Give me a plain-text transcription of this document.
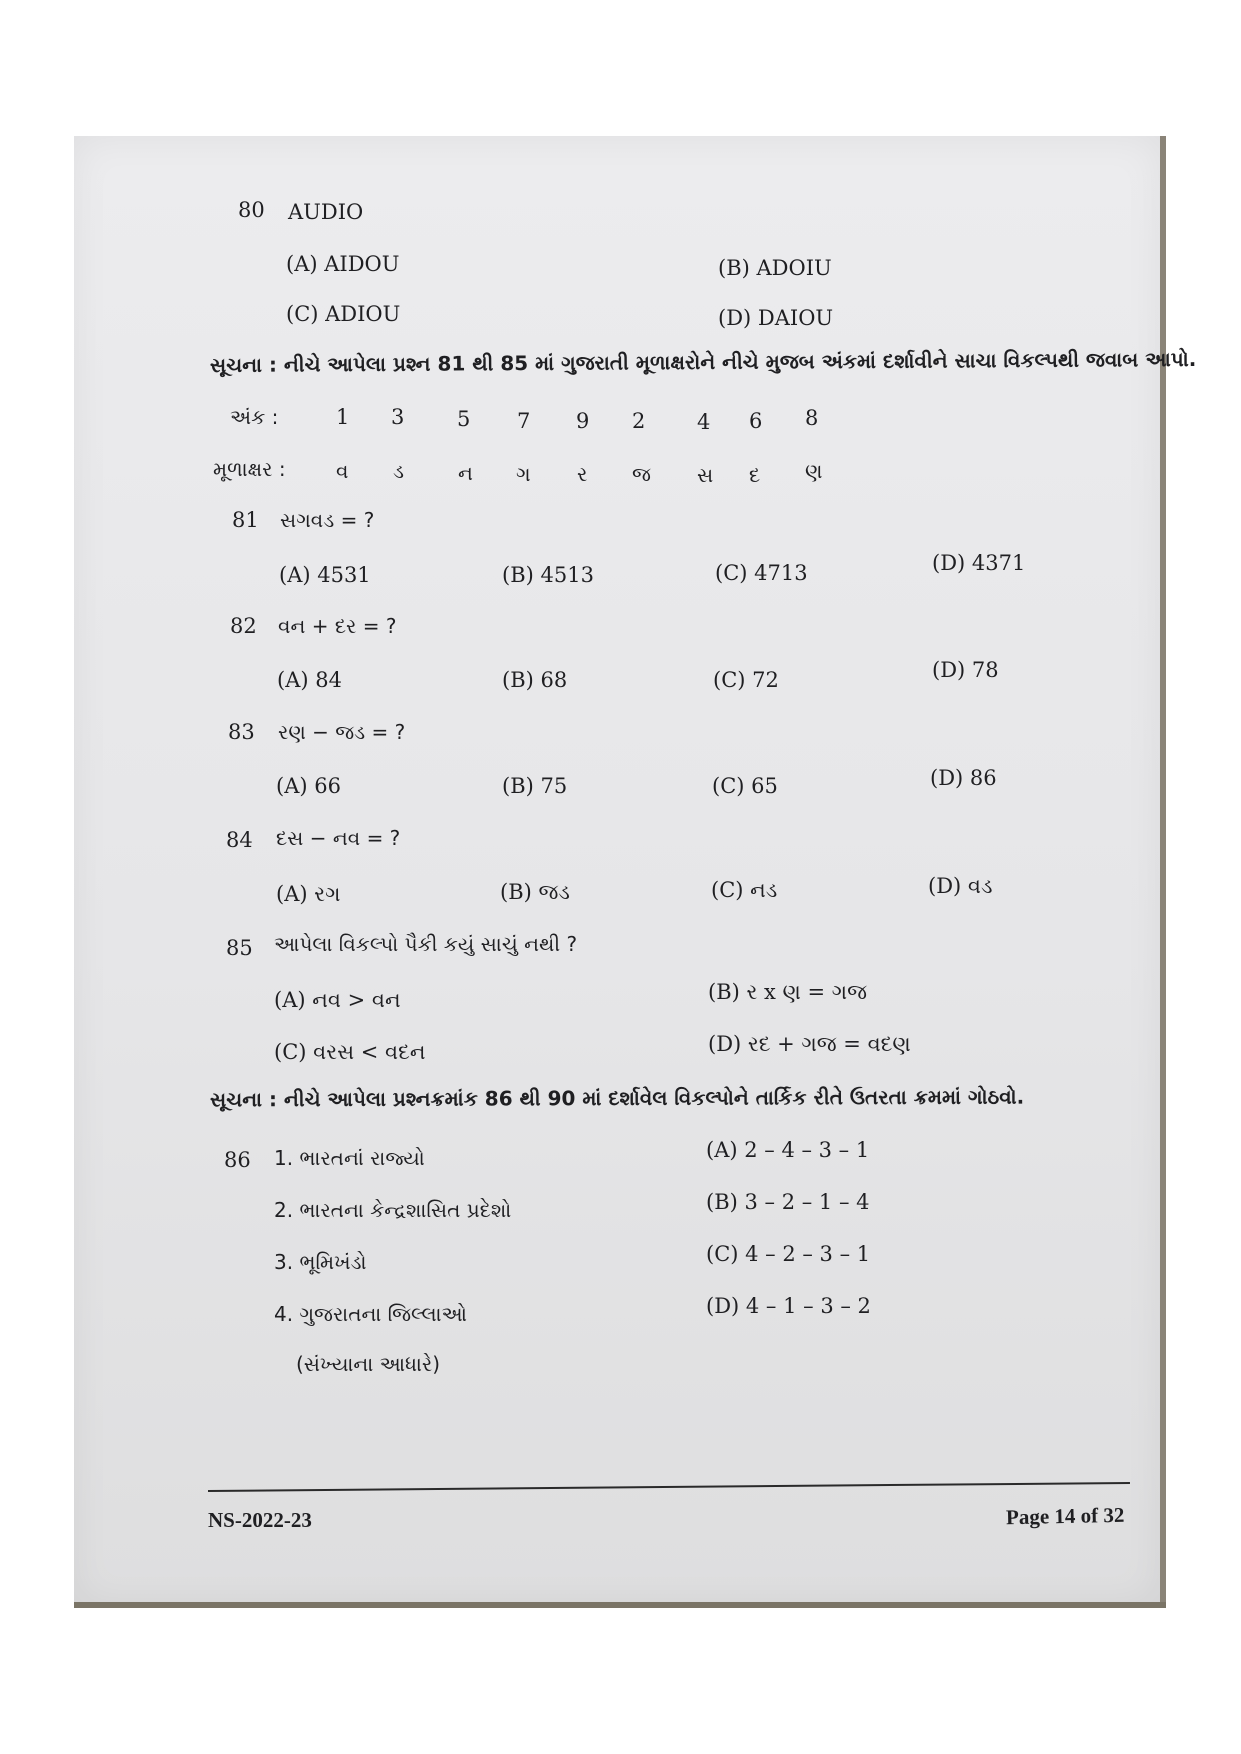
80 AUDIO
(A) AIDOU	(B) ADOIU
(C) ADIOU	(D) DAIOU
સૂચના : નીચે આપેલા પ્રશ્ન 81 થી 85 માં ગુજરાતી મૂળાક્ષરોને નીચે મુજબ અંકમાં દર્શાવીને સાચા વિકલ્પથી જવાબ આપો.
અંક :	1 3	5 7 9 2 4 6 8
મૂળાક્ષર :	વ ડ	ન ગ ર જ સ દ ણ
81 સગવડ = ?
(A) 4531	(B) 4513	(C) 4713	(D) 4371
82 વન + દર = ?
(A) 84	(B) 68	(C) 72	(D) 78
83 રણ − જડ = ?
(A) 66	(B) 75	(C) 65	(D) 86
84 દસ − નવ = ?
(A) રગ	(B) જડ	(C) નડ	(D) વડ
85 આપેલા વિકલ્પો પૈકી કયું સાચું નથી ?
(A) નવ > વન	(B) ર x ણ = ગજ
(C) વરસ < વદન	(D) રદ + ગજ = વદણ
સૂચના : નીચે આપેલા પ્રશ્નક્રમાંક 86 થી 90 માં દર્શાવેલ વિકલ્પોને તાર્કિક રીતે ઉતરતા ક્રમમાં ગોઠવો.
86 1. ભારતનાં રાજ્યો
2. ભારતના કેન્દ્રશાસિત પ્રદેશો
3. ભૂમિખંડો
4. ગુજરાતના જિલ્લાઓ
(સંખ્યાના આધારે)
(A) 2 – 4 – 3 – 1
(B) 3 – 2 – 1 – 4
(C) 4 – 2 – 3 – 1
(D) 4 – 1 – 3 – 2
NS-2022-23	Page 14 of 32
